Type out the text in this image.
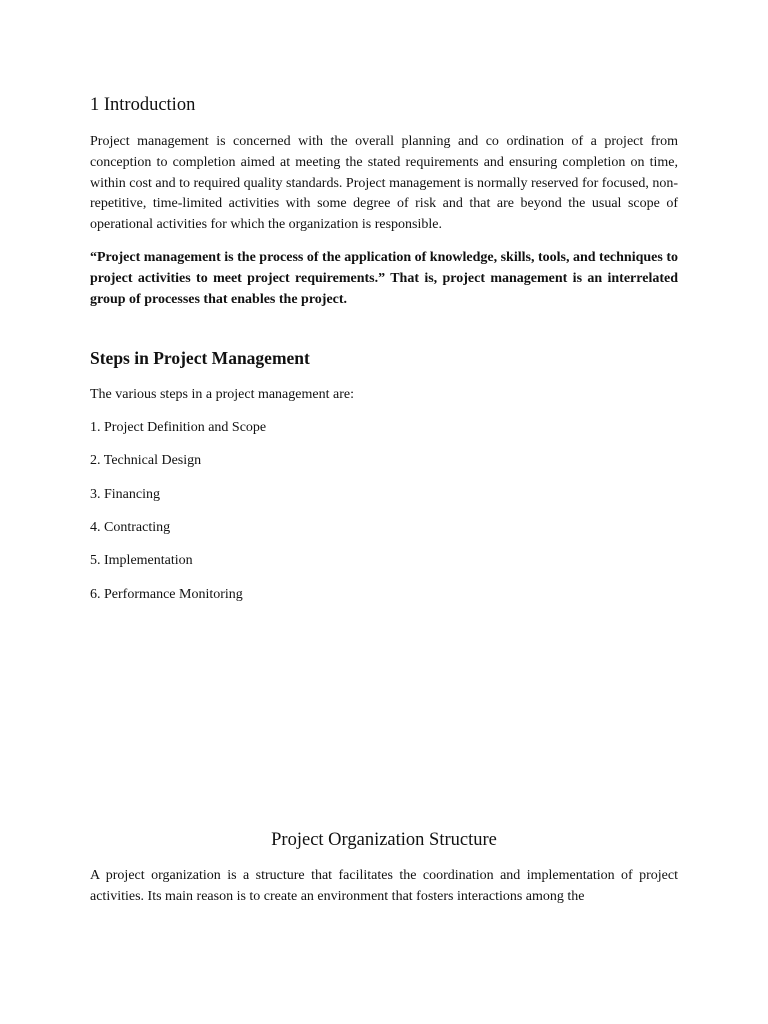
1 Introduction

Project management is concerned with the overall planning and co ordination of a project from conception to completion aimed at meeting the stated requirements and ensuring completion on time, within cost and to required quality standards. Project management is normally reserved for focused, non-repetitive, time-limited activities with some degree of risk and that are beyond the usual scope of operational activities for which the organization is responsible.

“Project management is the process of the application of knowledge, skills, tools, and techniques to project activities to meet project requirements.” That is, project management is an interrelated group of processes that enables the project.

Steps in Project Management

The various steps in a project management are:

1. Project Definition and Scope
2. Technical Design
3. Financing
4. Contracting
5. Implementation
6. Performance Monitoring
Project Organization Structure

A project organization is a structure that facilitates the coordination and implementation of project activities. Its main reason is to create an environment that fosters interactions among the
